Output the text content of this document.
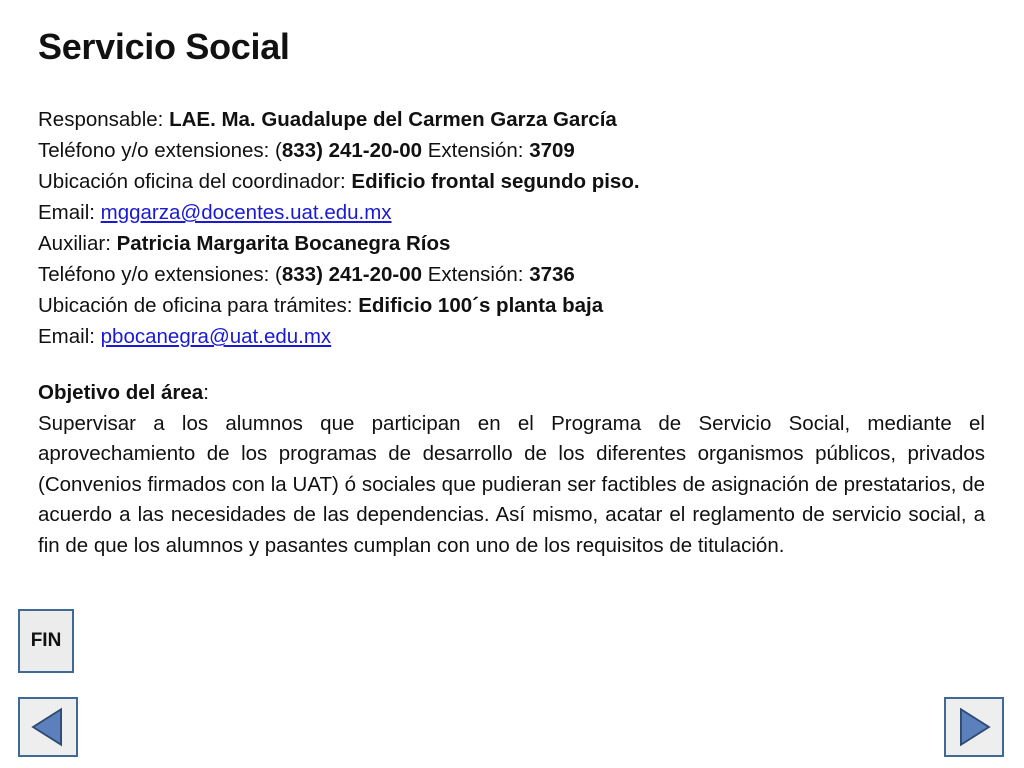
Servicio Social
Responsable: LAE. Ma. Guadalupe del Carmen Garza García
Teléfono y/o extensiones: (833) 241-20-00 Extensión: 3709
Ubicación oficina del coordinador: Edificio frontal segundo piso.
Email: mggarza@docentes.uat.edu.mx
Auxiliar: Patricia Margarita Bocanegra Ríos
Teléfono y/o extensiones: (833) 241-20-00 Extensión: 3736
Ubicación de oficina para trámites: Edificio 100´s planta baja
Email: pbocanegra@uat.edu.mx
Objetivo del área:
Supervisar a los alumnos que participan en el Programa de Servicio Social, mediante el aprovechamiento de los programas de desarrollo de los diferentes organismos públicos, privados (Convenios firmados con la UAT) ó sociales que pudieran ser factibles de asignación de prestatarios, de acuerdo a las necesidades de las dependencias. Así mismo, acatar el reglamento de servicio social, a fin de que los alumnos y pasantes cumplan con uno de los requisitos de titulación.
FIN
